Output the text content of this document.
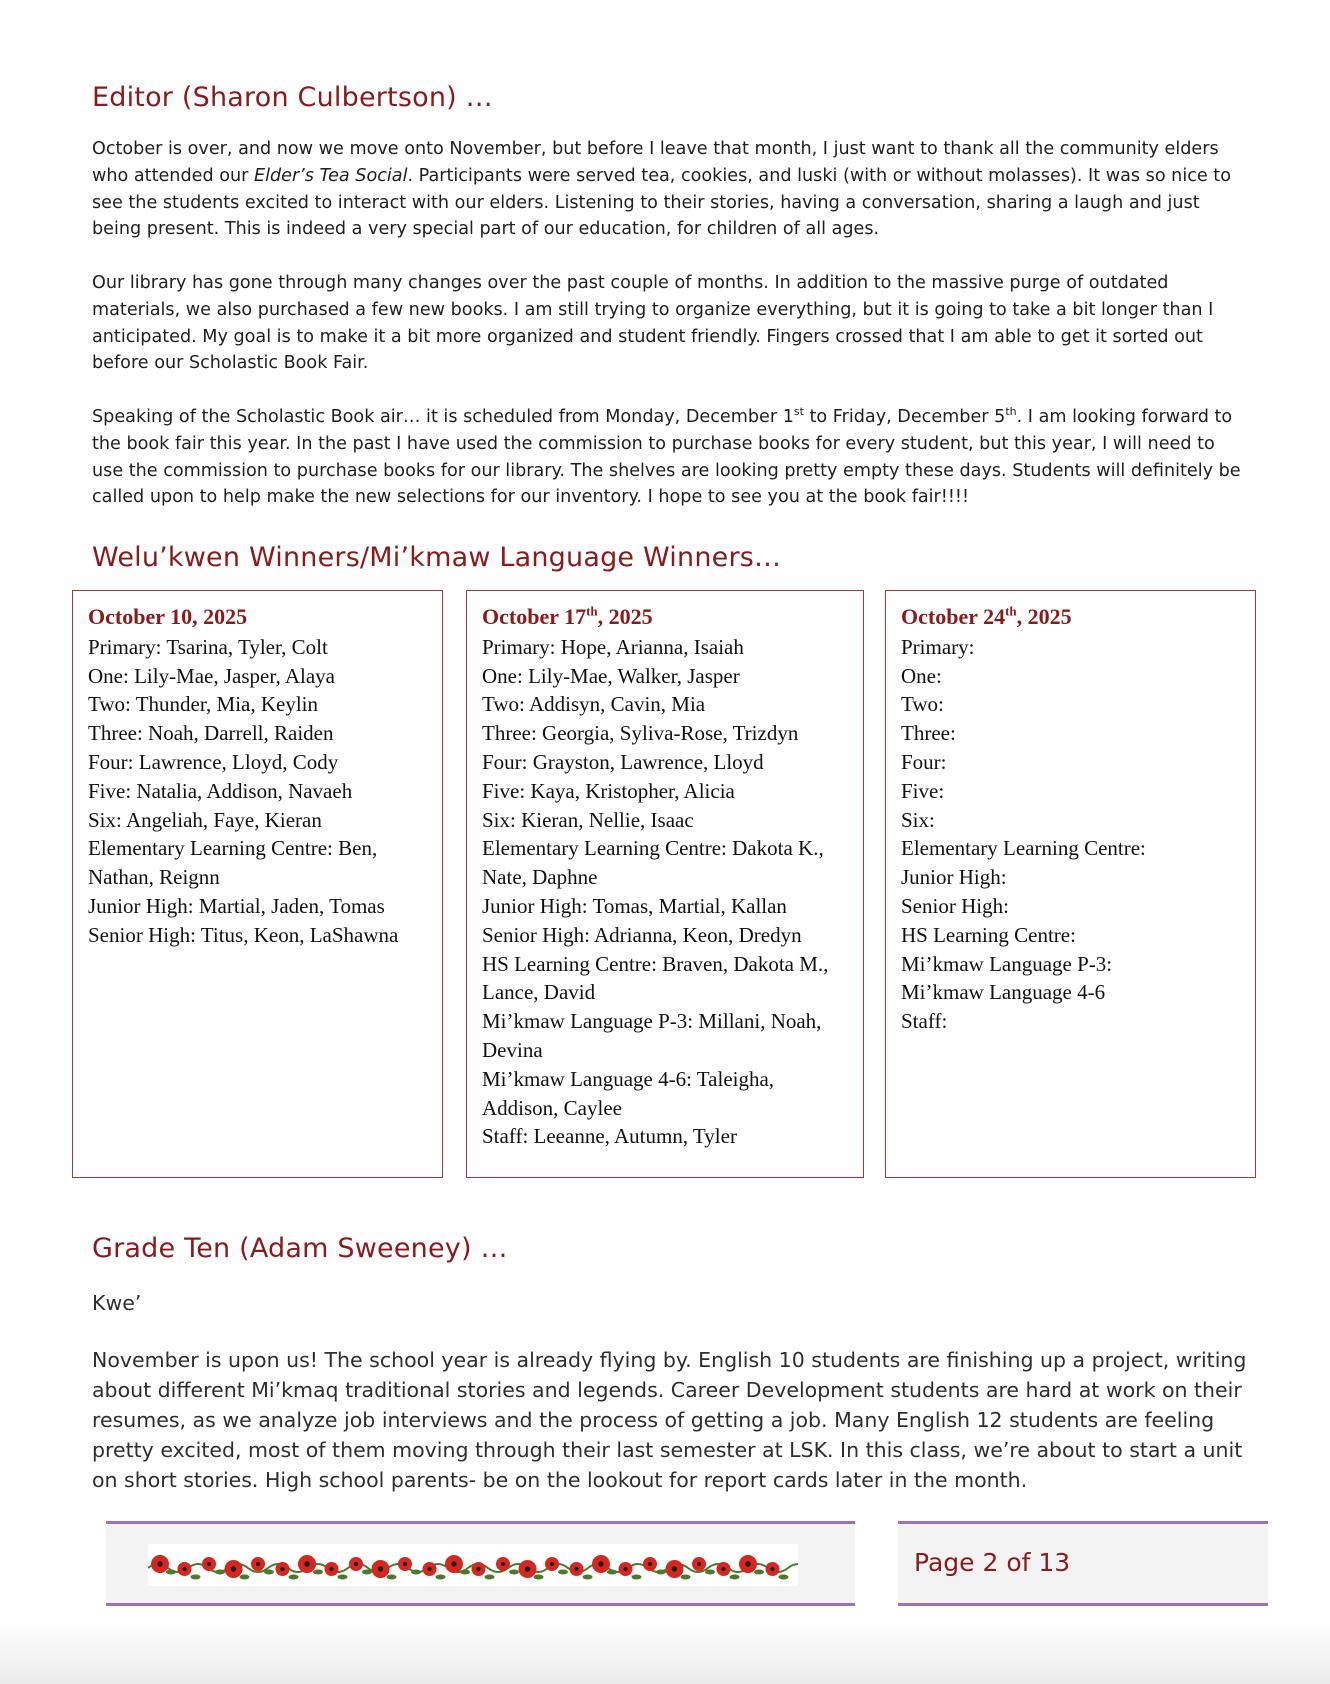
Editor (Sharon Culbertson) …

October is over, and now we move onto November, but before I leave that month, I just want to thank all the community elders who attended our Elder’s Tea Social. Participants were served tea, cookies, and luski (with or without molasses). It was so nice to see the students excited to interact with our elders. Listening to their stories, having a conversation, sharing a laugh and just being present. This is indeed a very special part of our education, for children of all ages.

Our library has gone through many changes over the past couple of months. In addition to the massive purge of outdated materials, we also purchased a few new books. I am still trying to organize everything, but it is going to take a bit longer than I anticipated. My goal is to make it a bit more organized and student friendly. Fingers crossed that I am able to get it sorted out before our Scholastic Book Fair.

Speaking of the Scholastic Book air… it is scheduled from Monday, December 1st to Friday, December 5th. I am looking forward to the book fair this year. In the past I have used the commission to purchase books for every student, but this year, I will need to use the commission to purchase books for our library. The shelves are looking pretty empty these days. Students will definitely be called upon to help make the new selections for our inventory. I hope to see you at the book fair!!!!

Welu’kwen Winners/Mi’kmaw Language Winners…
October 10, 2025
Primary: Tsarina, Tyler, Colt
One: Lily-Mae, Jasper, Alaya
Two: Thunder, Mia, Keylin
Three: Noah, Darrell, Raiden
Four: Lawrence, Lloyd, Cody
Five: Natalia, Addison, Navaeh
Six: Angeliah, Faye, Kieran
Elementary Learning Centre: Ben, Nathan, Reignn
Junior High: Martial, Jaden, Tomas
Senior High: Titus, Keon, LaShawna
October 17th, 2025
Primary: Hope, Arianna, Isaiah
One: Lily-Mae, Walker, Jasper
Two: Addisyn, Cavin, Mia
Three: Georgia, Syliva-Rose, Trizdyn
Four: Grayston, Lawrence, Lloyd
Five: Kaya, Kristopher, Alicia
Six: Kieran, Nellie, Isaac
Elementary Learning Centre: Dakota K., Nate, Daphne
Junior High: Tomas, Martial, Kallan
Senior High: Adrianna, Keon, Dredyn
HS Learning Centre: Braven, Dakota M., Lance, David
Mi’kmaw Language P-3: Millani, Noah, Devina
Mi’kmaw Language 4-6: Taleigha, Addison, Caylee
Staff: Leeanne, Autumn, Tyler
October 24th, 2025
Primary:
One:
Two:
Three:
Four:
Five:
Six:
Elementary Learning Centre:
Junior High:
Senior High:
HS Learning Centre:
Mi’kmaw Language P-3:
Mi’kmaw Language 4-6
Staff:
Grade Ten (Adam Sweeney) …

Kwe’

November is upon us! The school year is already flying by. English 10 students are finishing up a project, writing about different Mi’kmaq traditional stories and legends. Career Development students are hard at work on their resumes, as we analyze job interviews and the process of getting a job. Many English 12 students are feeling pretty excited, most of them moving through their last semester at LSK. In this class, we’re about to start a unit on short stories. High school parents- be on the lookout for report cards later in the month.

Page 2 of 13
